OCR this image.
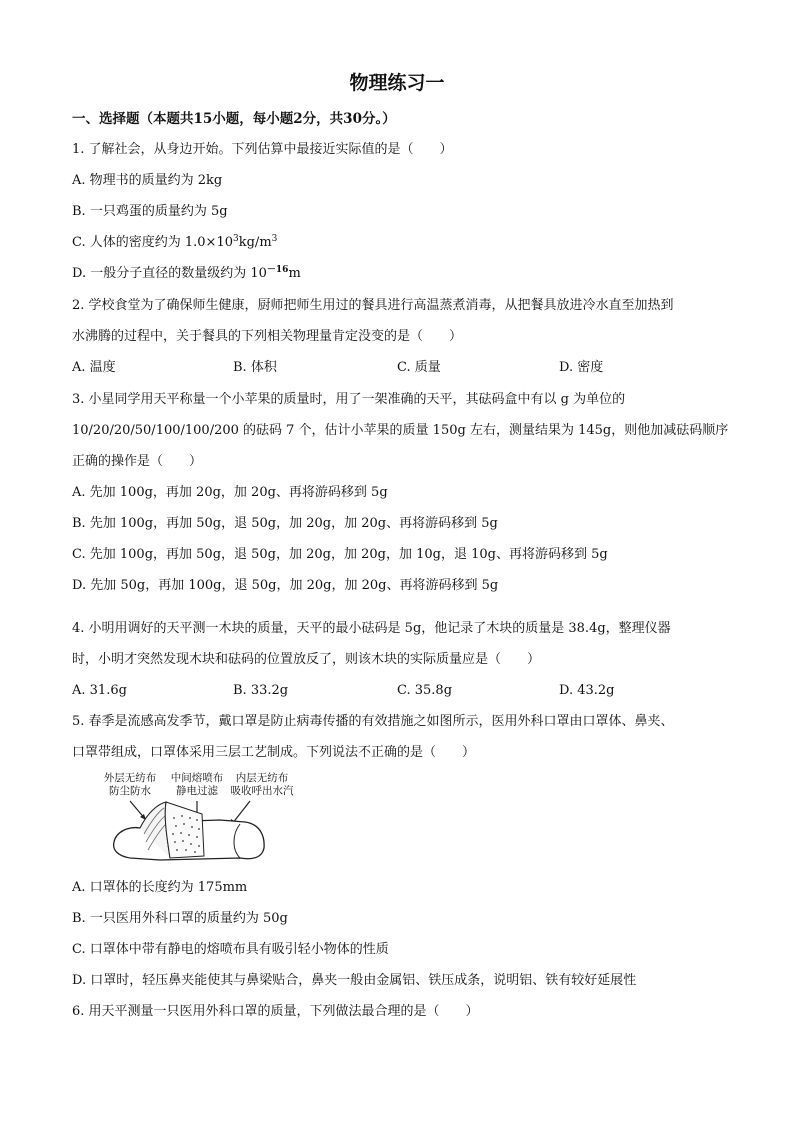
物理练习一
一、选择题（本题共15小题，每小题2分，共30分。）
1. 了解社会，从身边开始。下列估算中最接近实际值的是（　　）
A. 物理书的质量约为 2kg
B. 一只鸡蛋的质量约为 5g
C. 人体的密度约为 $1.0\times 10^3kg/m^3$
D. 一般分子直径的数量级约为 $10^{-16}m$
2. 学校食堂为了确保师生健康，厨师把师生用过的餐具进行高温蒸煮消毒，从把餐具放进冷水直至加热到
水沸腾的过程中，关于餐具的下列相关物理量肯定没变的是（　　）
A. 温度	B. 体积	C. 质量	D. 密度
3. 小星同学用天平称量一个小苹果的质量时，用了一架准确的天平，其砝码盒中有以 g 为单位的
10/20/20/50/100/100/200 的砝码 7 个，估计小苹果的质量 150g 左右，测量结果为 145g，则他加减砝码顺序
正确的操作是（　　）
A. 先加 100g，再加 20g，加 20g、再将游码移到 5g
B. 先加 100g，再加 50g，退 50g，加 20g，加 20g、再将游码移到 5g
C. 先加 100g，再加 50g，退 50g，加 20g，加 20g，加 10g，退 10g、再将游码移到 5g
D. 先加 50g，再加 100g，退 50g，加 20g，加 20g、再将游码移到 5g
4. 小明用调好的天平测一木块的质量，天平的最小砝码是 5g，他记录了木块的质量是 38.4g，整理仪器
时，小明才突然发现木块和砝码的位置放反了，则该木块的实际质量应是（　　）
A. 31.6g	B. 33.2g	C. 35.8g	D. 43.2g
5. 春季是流感高发季节，戴口罩是防止病毒传播的有效措施之如图所示，医用外科口罩由口罩体、鼻夹、
口罩带组成，口罩体采用三层工艺制成。下列说法不正确的是（　　）
外层无纺布
防尘防水
中间熔喷布
静电过滤
内层无纺布
吸收呼出水汽
A. 口罩体的长度约为 175mm
B. 一只医用外科口罩的质量约为 50g
C. 口罩体中带有静电的熔喷布具有吸引轻小物体的性质
D. 口罩时，轻压鼻夹能使其与鼻梁贴合，鼻夹一般由金属铝、铁压成条，说明铝、铁有较好延展性
6. 用天平测量一只医用外科口罩的质量，下列做法最合理的是（　　）
